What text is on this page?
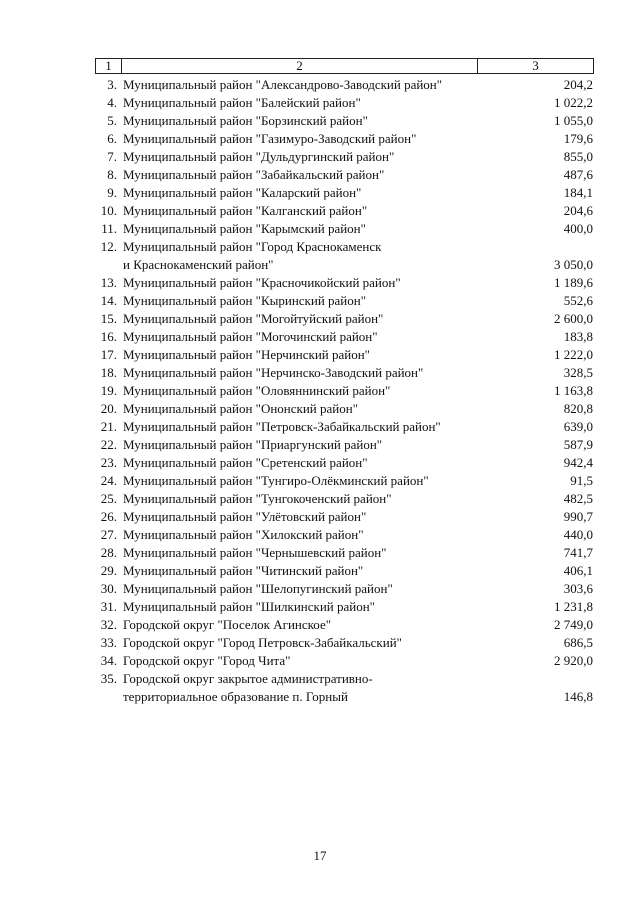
1	2	3
3. Муниципальный район "Александрово-Заводский район"	204,2
4. Муниципальный район "Балейский район"	1 022,2
5. Муниципальный район "Борзинский район"	1 055,0
6. Муниципальный район "Газимуро-Заводский район"	179,6
7. Муниципальный район "Дульдургинский район"	855,0
8. Муниципальный район "Забайкальский район"	487,6
9. Муниципальный район "Каларский район"	184,1
10. Муниципальный район "Калганский район"	204,6
11. Муниципальный район "Карымский район"	400,0
12. Муниципальный район "Город Краснокаменск
и Краснокаменский район"	3 050,0
13. Муниципальный район "Красночикойский район"	1 189,6
14. Муниципальный район "Кыринский район"	552,6
15. Муниципальный район "Могойтуйский район"	2 600,0
16. Муниципальный район "Могочинский район"	183,8
17. Муниципальный район "Нерчинский район"	1 222,0
18. Муниципальный район "Нерчинско-Заводский район"	328,5
19. Муниципальный район "Оловяннинский район"	1 163,8
20. Муниципальный район "Ононский район"	820,8
21. Муниципальный район "Петровск-Забайкальский район"	639,0
22. Муниципальный район "Приаргунский район"	587,9
23. Муниципальный район "Сретенский район"	942,4
24. Муниципальный район "Тунгиро-Олёкминский район"	91,5
25. Муниципальный район "Тунгокоченский район"	482,5
26. Муниципальный район "Улётовский район"	990,7
27. Муниципальный район "Хилокский район"	440,0
28. Муниципальный район "Чернышевский район"	741,7
29. Муниципальный район "Читинский район"	406,1
30. Муниципальный район "Шелопугинский район"	303,6
31. Муниципальный район "Шилкинский район"	1 231,8
32. Городской округ "Поселок Агинское"	2 749,0
33. Городской округ "Город Петровск-Забайкальский"	686,5
34. Городской округ "Город Чита"	2 920,0
35. Городской округ закрытое административно-
территориальное образование п. Горный	146,8
17
